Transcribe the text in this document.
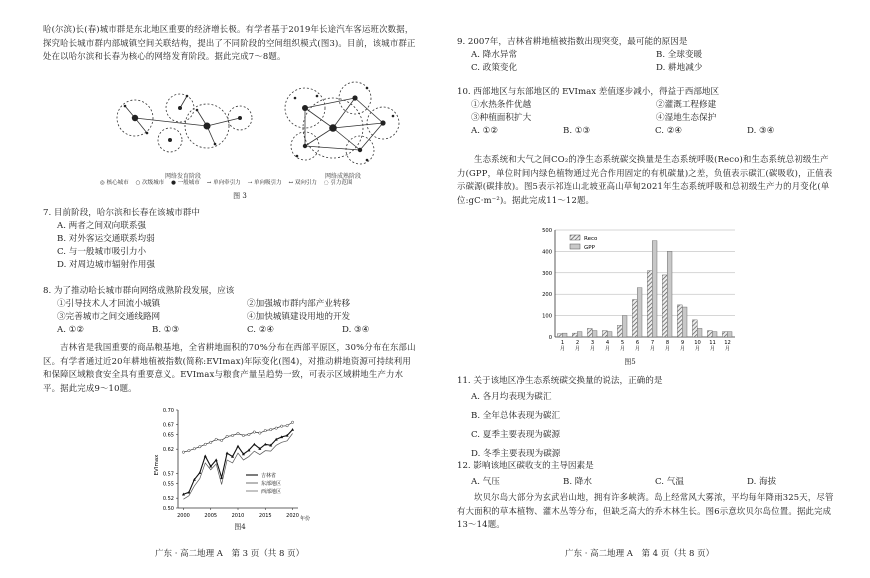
哈(尔滨)长(春)城市群是东北地区重要的经济增长极。有学者基于2019年长途汽车客运班次数据，探究哈长城市群内部城镇空间关联结构，提出了不同阶段的空间组织模式(图3)。目前，该城市群正处在以哈尔滨和长春为核心的网络发育阶段。据此完成7～8题。
网络发育阶段	网络成熟阶段
◎ 核心城市 ○ 次级城市 ● 一般城市 → 单向牵引力 ⇢ 单向吸引力 ↔ 双向引力 ◌ 引力范围
图 3
7. 目前阶段，哈尔滨和长春在该城市群中
A. 两者之间双向联系强
B. 对外客运交通联系均弱
C. 与一般城市吸引力小
D. 对周边城市辐射作用强
8. 为了推动哈长城市群向网络成熟阶段发展，应该
①引导技术人才回流小城镇	②加强城市群内部产业转移
③完善城市之间交通线路网	④加快城镇建设用地的开发
A. ①②	B. ①③	C. ②④	D. ③④
吉林省是我国重要的商品粮基地，全省耕地面积的70%分布在西部平原区，30%分布在东部山区。有学者通过近20年耕地植被指数(简称:EVImax)年际变化(图4)，对推动耕地资源可持续利用和保障区域粮食安全具有重要意义。EVImax与粮食产量呈趋势一致，可表示区域耕地生产力水平。据此完成9～10题。
EVImax
0.70
0.67
0.65
0.62
0.57
0.55
0.52
0.50
2000	2005	2010	2015	2020 年份
吉林省
东部地区
西部地区
图4
广东 · 高二地理 A　第 3 页（共 8 页）
9. 2007年，吉林省耕地植被指数出现突变，最可能的原因是
A. 降水异常	B. 全球变暖
C. 政策变化	D. 耕地减少
10. 西部地区与东部地区的 EVImax 差值逐步减小，得益于西部地区
①水热条件优越	②灌溉工程修建
③种植面积扩大	④湿地生态保护
A. ①②	B. ①③	C. ②④	D. ③④
生态系统和大气之间CO₂的净生态系统碳交换量是生态系统呼吸(Reco)和生态系统总初级生产力(GPP，单位时间内绿色植物通过光合作用固定的有机碳量)之差，负值表示碳汇(碳吸收)，正值表示碳源(碳排放)。图5表示祁连山北坡亚高山草甸2021年生态系统呼吸和总初级生产力的月变化(单位:gC·m⁻²)。据此完成11～12题。
500
400
300
200
100
0
1 月
2 月
3 月
4 月
5 月
6 月
7 月
8 月
9 月
10 月
11 月
12 月
Reco
GPP
图5
11. 关于该地区净生态系统碳交换量的说法，正确的是
A. 各月均表现为碳汇
B. 全年总体表现为碳汇
C. 夏季主要表现为碳源
D. 冬季主要表现为碳源
12. 影响该地区碳收支的主导因素是
A. 气压	B. 降水	C. 气温	D. 海拔
坎贝尔岛大部分为玄武岩山地，拥有许多峡湾。岛上经常风大雾浓，平均每年降雨325天，尽管有大面积的草本植物、灌木丛等分布，但缺乏高大的乔木林生长。图6示意坎贝尔岛位置。据此完成13～14题。
广东 · 高二地理 A　第 4 页（共 8 页）
